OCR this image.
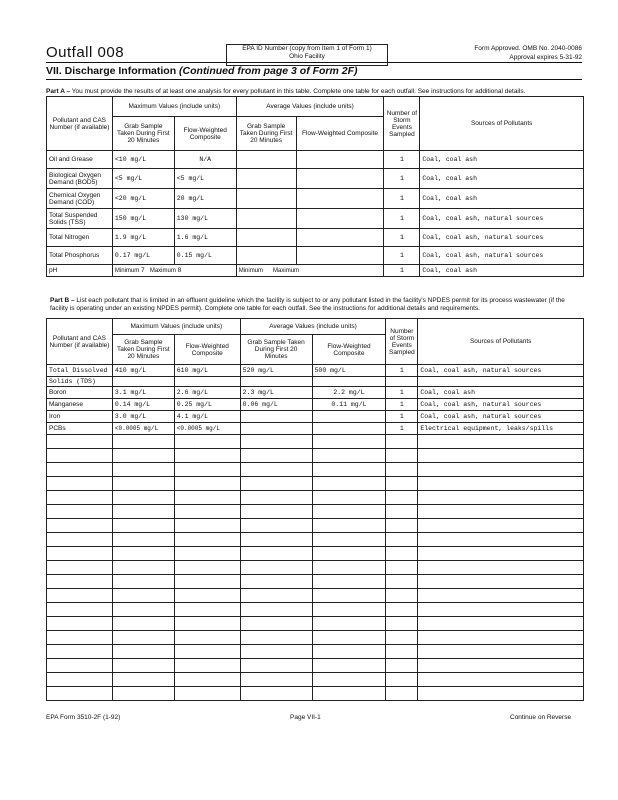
Outfall 008	EPA ID Number (copy from Item 1 of Form 1)
Ohio Facility
Form Approved. OMB No. 2040-0086
Approval expires 5-31-92
VII. Discharge Information (Continued from page 3 of Form 2F)
Part A – You must provide the results of at least one analysis for every pollutant in this table. Complete one table for each outfall. See instructions for additional details.
Pollutant and CAS Number (if available)	Maximum Values (include units)		Average Values (include units)		Number of Storm Events Sampled	Sources of Pollutants
	Grab Sample Taken During First 20 Minutes	Flow-Weighted Composite	Grab Sample Taken During First 20 Minutes	Flow-Weighted Composite		
Oil and Grease	<10 mg/L	N/A			1	Coal, coal ash
Biological Oxygen Demand (BOD5)	<5 mg/L	<5 mg/L			1	Coal, coal ash
Chemical Oxygen Demand (COD)	<20 mg/L	20 mg/L			1	Coal, coal ash
Total Suspended Solids (TSS)	150 mg/L	130 mg/L			1	Coal, coal ash, natural sources
Total Nitrogen	1.9 mg/L	1.6 mg/L			1	Coal, coal ash, natural sources
Total Phosphorus	0.17 mg/L	0.15 mg/L			1	Coal, coal ash, natural sources
pH	Minimum 7 Maximum 8		Minimum Maximum		1	Coal, coal ash
Part B – List each pollutant that is limited in an effluent guideline which the facility is subject to or any pollutant listed in the facility's NPDES permit for its process wastewater (if the facility is operating under an existing NPDES permit). Complete one table for each outfall. See the instructions for additional details and requirements.
Pollutant and CAS Number (if available)	Maximum Values (include units)		Average Values (include units)		Number of Storm Events Sampled	Sources of Pollutants
	Grab Sample Taken During First 20 Minutes	Flow-Weighted Composite	Grab Sample Taken During First 20 Minutes	Flow-Weighted Composite		
Total Dissolved	410 mg/L	610 mg/L	520 mg/L	500 mg/L	1	Coal, coal ash, natural sources
Solids (TDS)						
Boron	3.1 mg/L	2.6 mg/L	2.3 mg/L	2.2 mg/L	1	Coal, coal ash
Manganese	0.14 mg/L	0.25 mg/L	0.06 mg/L	0.11 mg/L	1	Coal, coal ash, natural sources
Iron	3.0 mg/L	4.1 mg/L			1	Coal, coal ash, natural sources
PCBs	<0.0005 mg/L	<0.0005 mg/L			1	Electrical equipment, leaks/spills

EPA Form 3510-2F (1-92)	Page VII-1	Continue on Reverse
